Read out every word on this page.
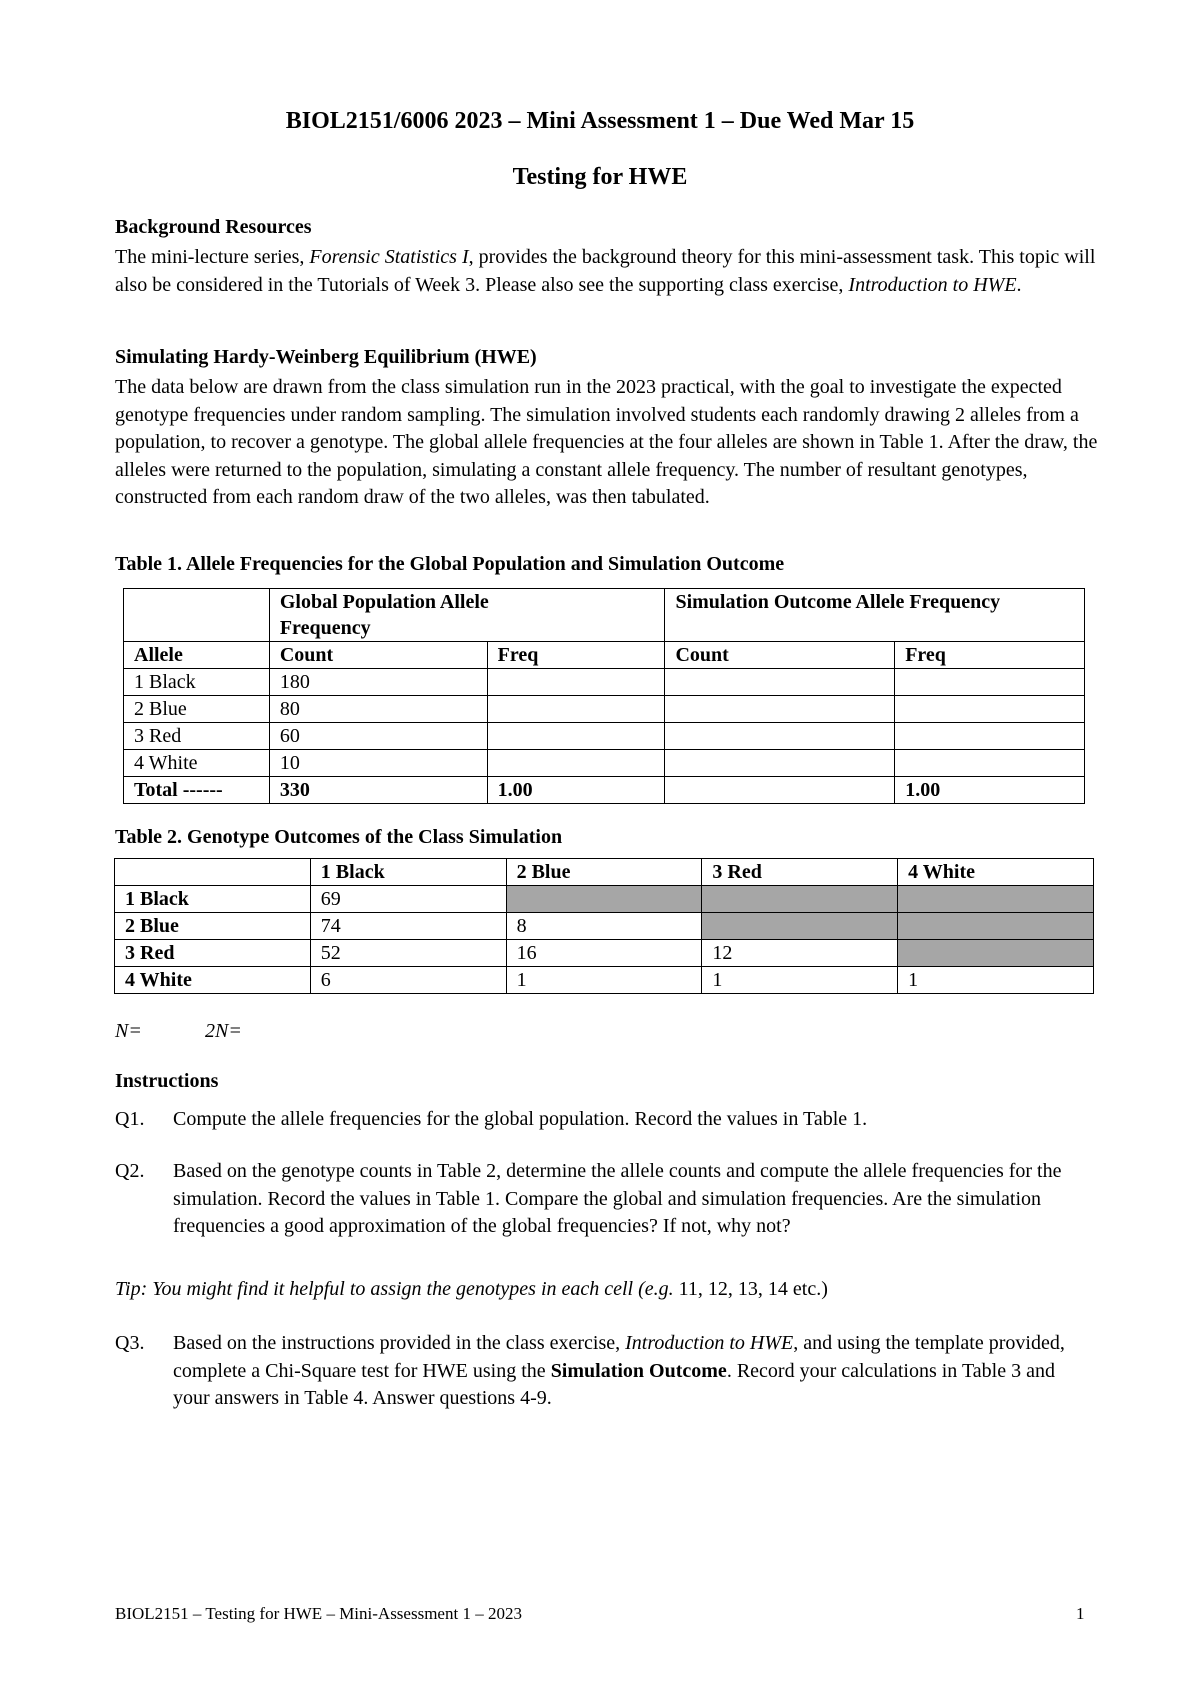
BIOL2151/6006 2023 – Mini Assessment 1 – Due Wed Mar 15
Testing for HWE
Background Resources

The mini-lecture series, Forensic Statistics I, provides the background theory for this mini-assessment task. This topic will also be considered in the Tutorials of Week 3. Please also see the supporting class exercise, Introduction to HWE.

Simulating Hardy-Weinberg Equilibrium (HWE)
The data below are drawn from the class simulation run in the 2023 practical, with the goal to investigate the expected genotype frequencies under random sampling. The simulation involved students each randomly drawing 2 alleles from a population, to recover a genotype. The global allele frequencies at the four alleles are shown in Table 1. After the draw, the alleles were returned to the population, simulating a constant allele frequency. The number of resultant genotypes, constructed from each random draw of the two alleles, was then tabulated.
Table 1. Allele Frequencies for the Global Population and Simulation Outcome
	Global Population Allele Frequency		Simulation Outcome Allele Frequency	
Allele	Count	Freq	Count	Freq
1 Black	180			
2 Blue	80			
3 Red	60			
4 White	10			
Total ------	330	1.00		1.00
Table 2. Genotype Outcomes of the Class Simulation
	1 Black	2 Blue	3 Red	4 White
1 Black	69			
2 Blue	74	8		
3 Red	52	16	12	
4 White	6	1	1	1
N=	2N=
Instructions
Q1. Compute the allele frequencies for the global population. Record the values in Table 1.
Q2. Based on the genotype counts in Table 2, determine the allele counts and compute the allele frequencies for the simulation. Record the values in Table 1. Compare the global and simulation frequencies. Are the simulation frequencies a good approximation of the global frequencies? If not, why not?
Tip: You might find it helpful to assign the genotypes in each cell (e.g. 11, 12, 13, 14 etc.)
Q3. Based on the instructions provided in the class exercise, Introduction to HWE, and using the template provided, complete a Chi-Square test for HWE using the Simulation Outcome. Record your calculations in Table 3 and your answers in Table 4. Answer questions 4-9.
BIOL2151 – Testing for HWE – Mini-Assessment 1 – 2023	1
